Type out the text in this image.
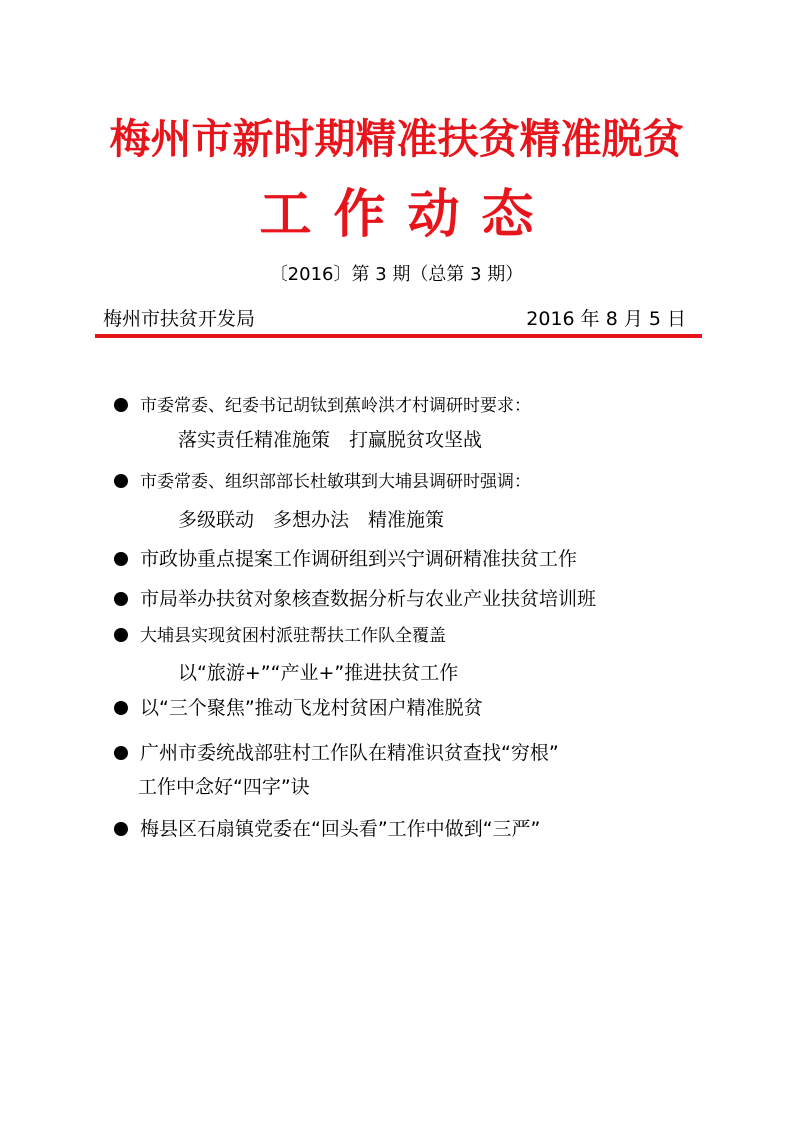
梅州市新时期精准扶贫精准脱贫
工作动态
〔2016〕第 3 期（总第 3 期）
梅州市扶贫开发局	2016 年 8 月 5 日
市委常委、纪委书记胡钛到蕉岭洪才村调研时要求：
落实责任精准施策　打赢脱贫攻坚战
市委常委、组织部部长杜敏琪到大埔县调研时强调：
多级联动　多想办法　精准施策
市政协重点提案工作调研组到兴宁调研精准扶贫工作
市局举办扶贫对象核查数据分析与农业产业扶贫培训班
大埔县实现贫困村派驻帮扶工作队全覆盖
以“旅游+”“产业+”推进扶贫工作
以“三个聚焦”推动飞龙村贫困户精准脱贫
广州市委统战部驻村工作队在精准识贫查找“穷根”
工作中念好“四字”诀
梅县区石扇镇党委在“回头看”工作中做到“三严”
